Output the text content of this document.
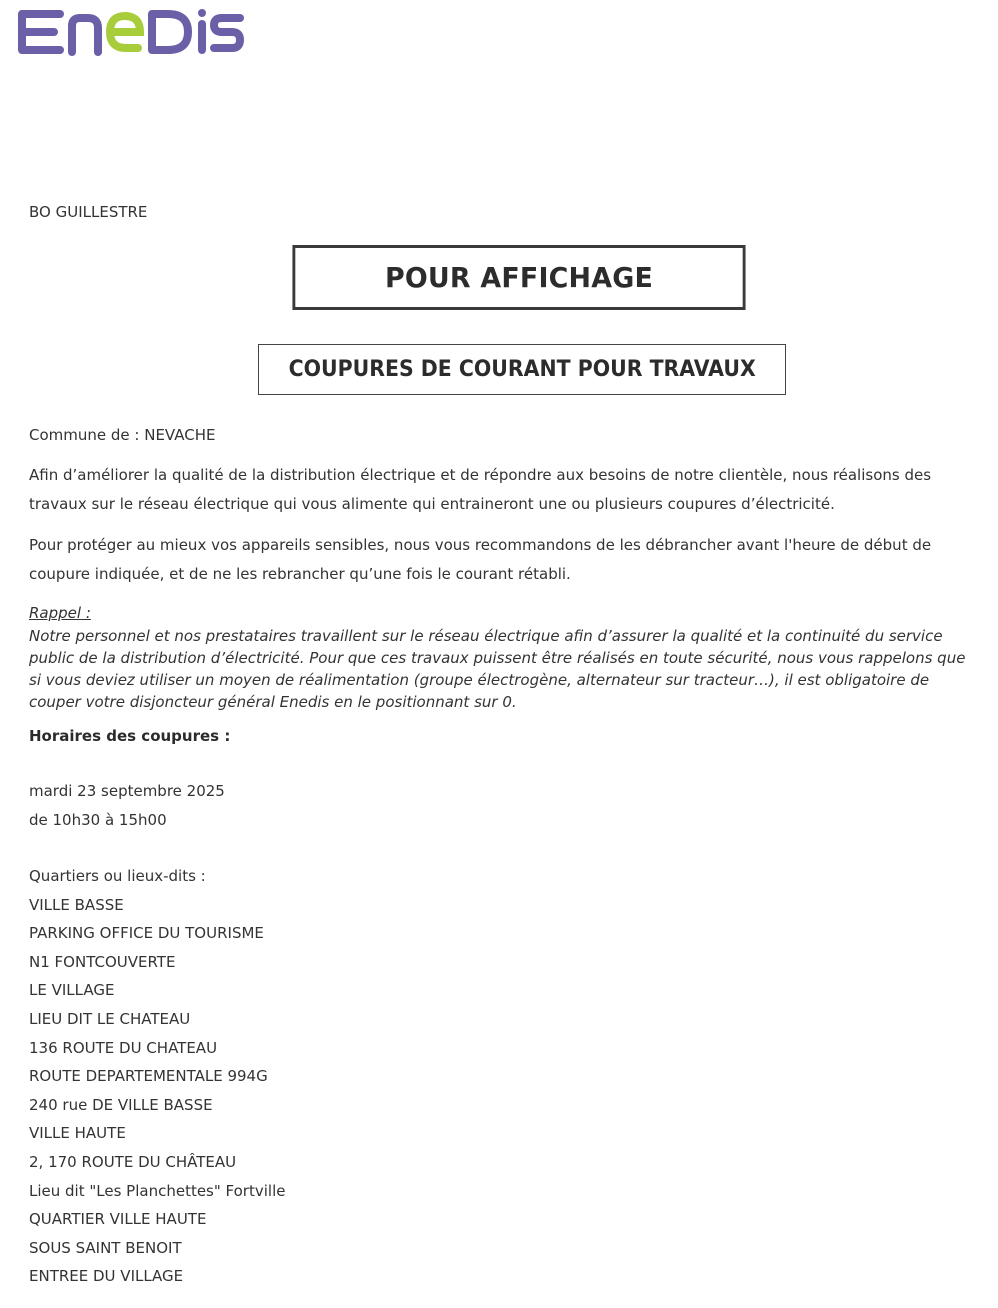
BO GUILLESTRE
POUR AFFICHAGE
COUPURES DE COURANT POUR TRAVAUX
Commune de : NEVACHE
Afin d’améliorer la qualité de la distribution électrique et de répondre aux besoins de notre clientèle, nous réalisons des travaux sur le réseau électrique qui vous alimente qui entraineront une ou plusieurs coupures d’électricité.
Pour protéger au mieux vos appareils sensibles, nous vous recommandons de les débrancher avant l'heure de début de coupure indiquée, et de ne les rebrancher qu’une fois le courant rétabli.
Rappel :
Notre personnel et nos prestataires travaillent sur le réseau électrique afin d’assurer la qualité et la continuité du service public de la distribution d’électricité. Pour que ces travaux puissent être réalisés en toute sécurité, nous vous rappelons que si vous deviez utiliser un moyen de réalimentation (groupe électrogène, alternateur sur tracteur…), il est obligatoire de couper votre disjoncteur général Enedis en le positionnant sur 0.
Horaires des coupures :
mardi 23 septembre 2025
de 10h30 à 15h00
Quartiers ou lieux-dits :
VILLE BASSE
PARKING OFFICE DU TOURISME
N1 FONTCOUVERTE
LE VILLAGE
LIEU DIT LE CHATEAU
136 ROUTE DU CHATEAU
ROUTE DEPARTEMENTALE 994G
240 rue DE VILLE BASSE
VILLE HAUTE
2, 170 ROUTE DU CHÂTEAU
Lieu dit "Les Planchettes" Fortville
QUARTIER VILLE HAUTE
SOUS SAINT BENOIT
ENTREE DU VILLAGE
